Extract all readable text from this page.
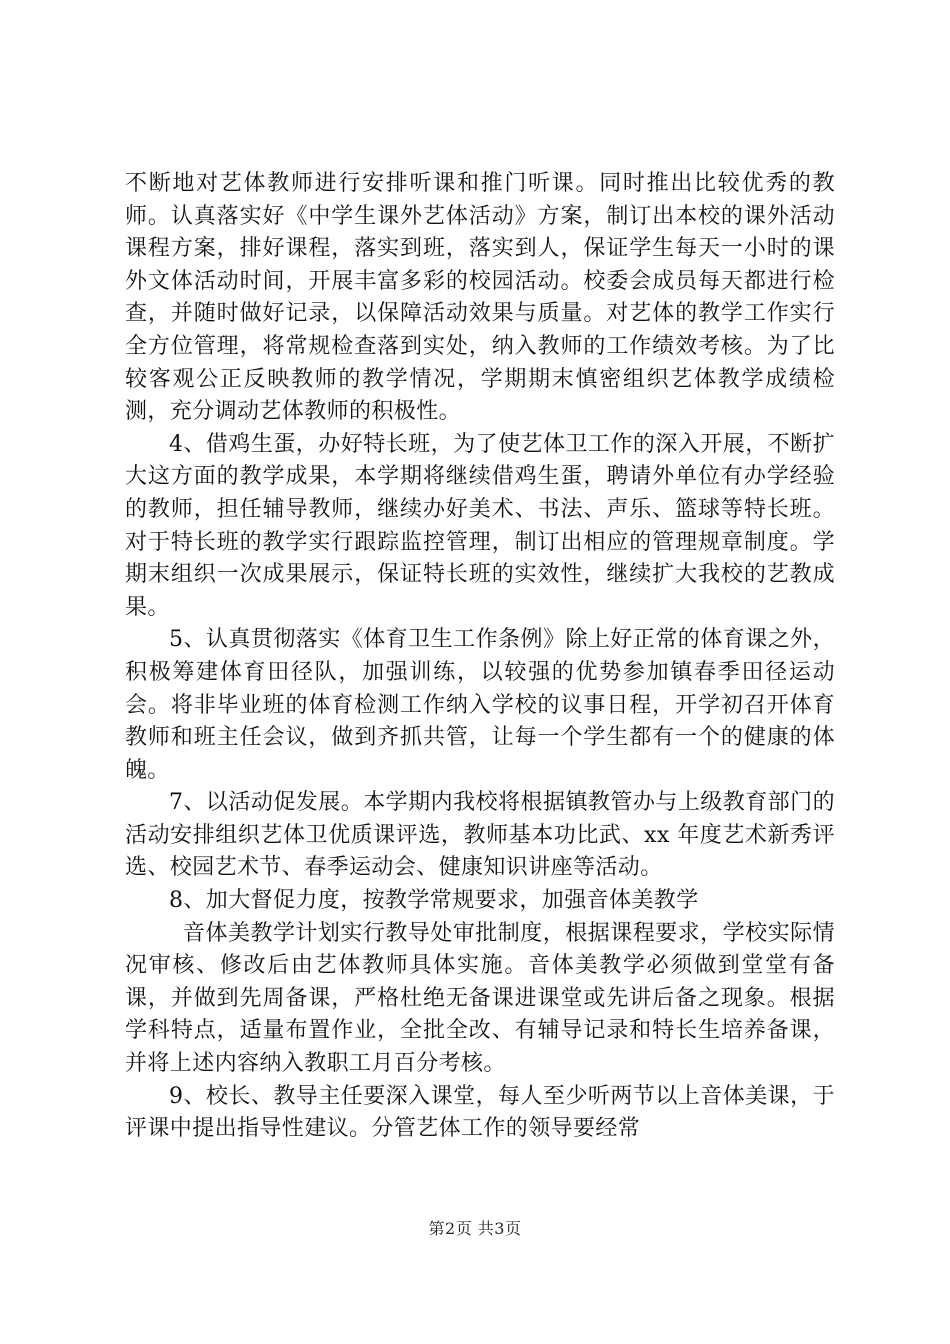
不断地对艺体教师进行安排听课和推门听课。同时推出比较优秀的教师。认真落实好《中学生课外艺体活动》方案，制订出本校的课外活动课程方案，排好课程，落实到班，落实到人，保证学生每天一小时的课外文体活动时间，开展丰富多彩的校园活动。校委会成员每天都进行检查，并随时做好记录，以保障活动效果与质量。对艺体的教学工作实行全方位管理，将常规检查落到实处，纳入教师的工作绩效考核。为了比较客观公正反映教师的教学情况，学期期末慎密组织艺体教学成绩检测，充分调动艺体教师的积极性。

4、借鸡生蛋，办好特长班，为了使艺体卫工作的深入开展，不断扩大这方面的教学成果，本学期将继续借鸡生蛋，聘请外单位有办学经验的教师，担任辅导教师，继续办好美术、书法、声乐、篮球等特长班。对于特长班的教学实行跟踪监控管理，制订出相应的管理规章制度。学期末组织一次成果展示，保证特长班的实效性，继续扩大我校的艺教成果。

5、认真贯彻落实《体育卫生工作条例》除上好正常的体育课之外，积极筹建体育田径队，加强训练，以较强的优势参加镇春季田径运动会。将非毕业班的体育检测工作纳入学校的议事日程，开学初召开体育教师和班主任会议，做到齐抓共管，让每一个学生都有一个的健康的体魄。

7、以活动促发展。本学期内我校将根据镇教管办与上级教育部门的活动安排组织艺体卫优质课评选，教师基本功比武、xx 年度艺术新秀评选、校园艺术节、春季运动会、健康知识讲座等活动。

8、加大督促力度，按教学常规要求，加强音体美教学

音体美教学计划实行教导处审批制度，根据课程要求，学校实际情况审核、修改后由艺体教师具体实施。音体美教学必须做到堂堂有备课，并做到先周备课，严格杜绝无备课进课堂或先讲后备之现象。根据学科特点，适量布置作业，全批全改、有辅导记录和特长生培养备课，并将上述内容纳入教职工月百分考核。

9、校长、教导主任要深入课堂，每人至少听两节以上音体美课，于评课中提出指导性建议。分管艺体工作的领导要经常

第2页 共3页
